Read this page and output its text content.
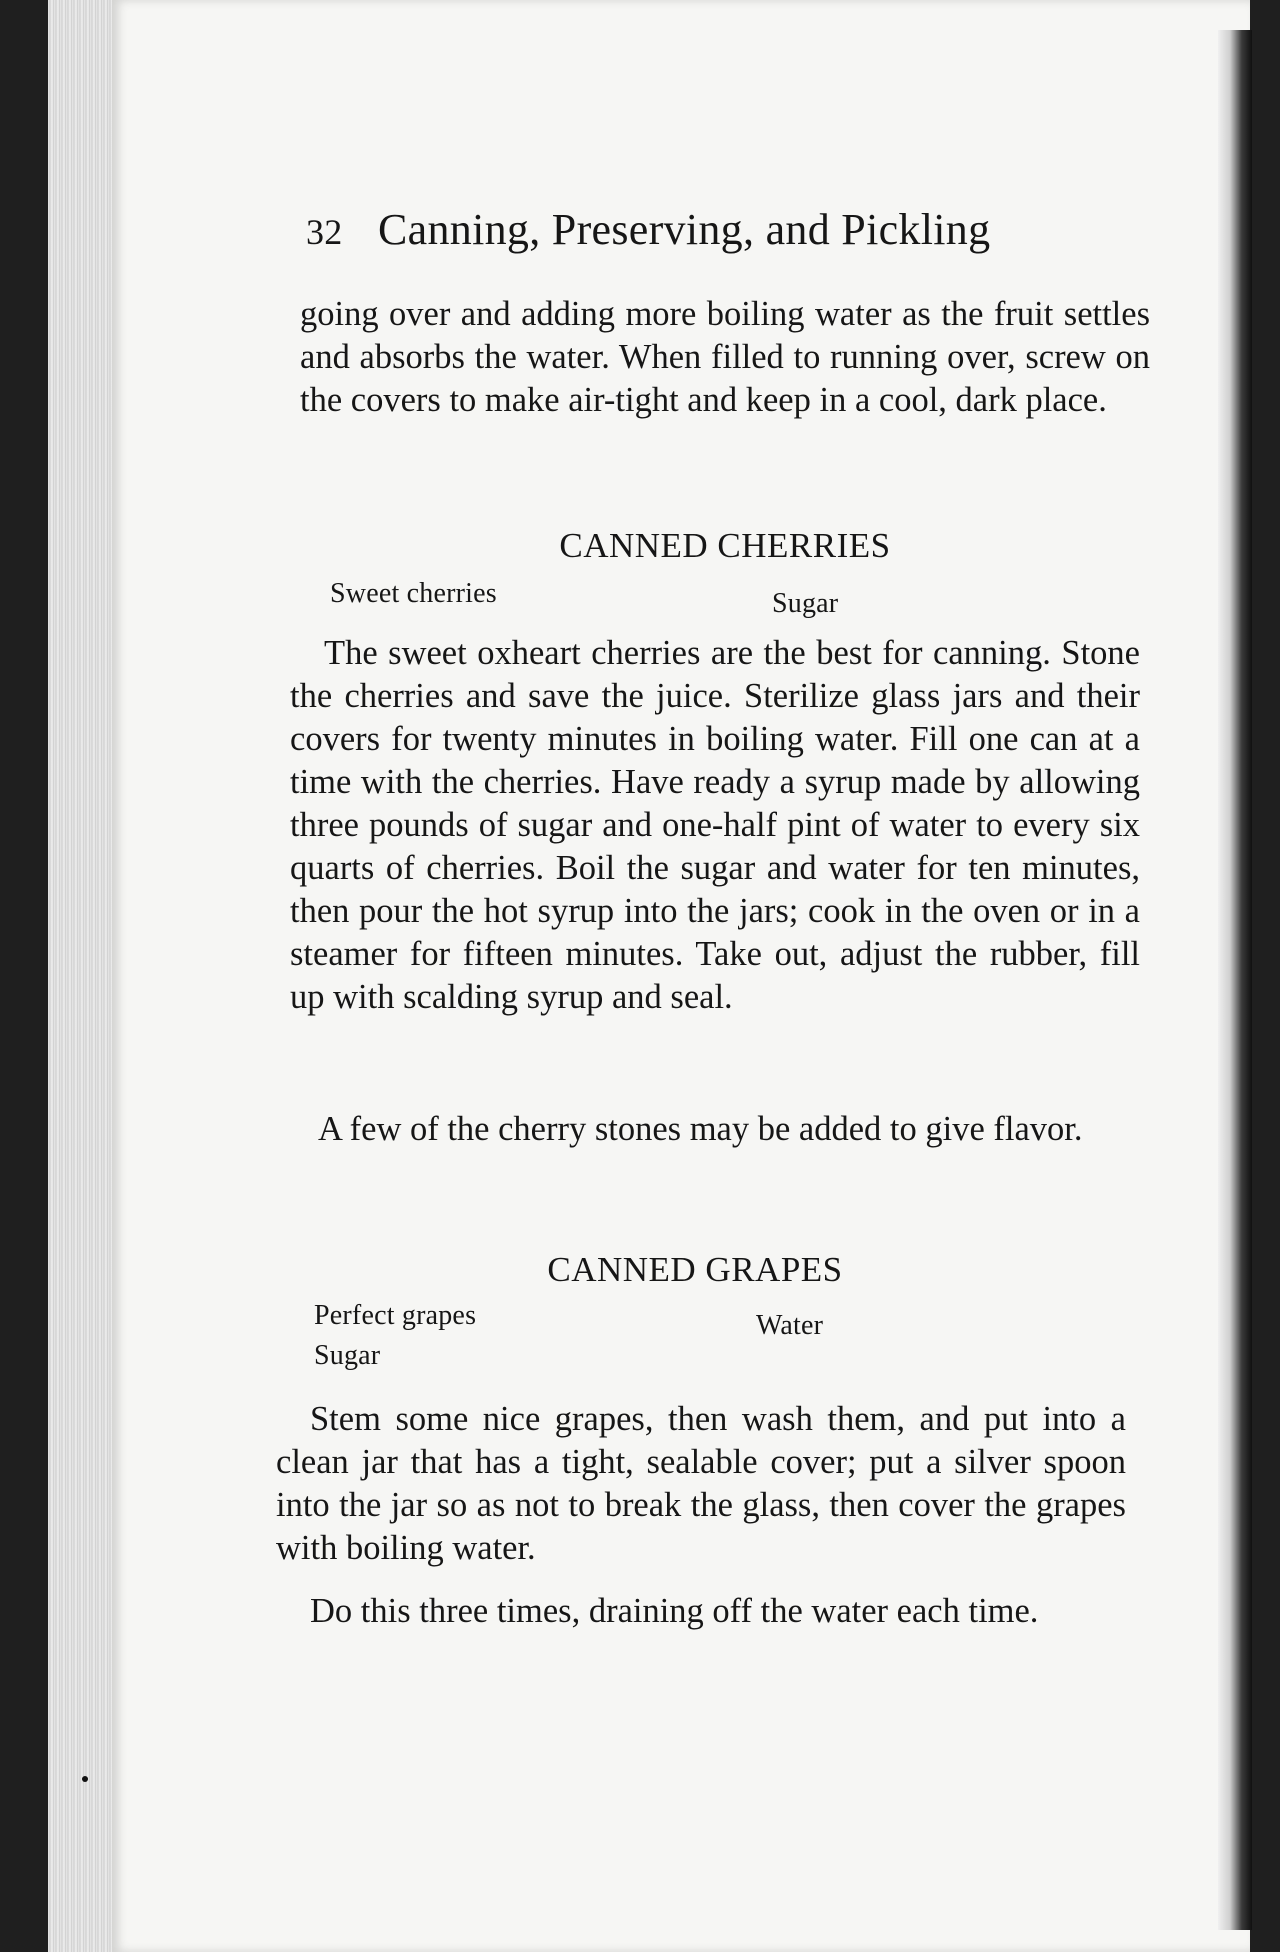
32 Canning, Preserving, and Pickling
going over and adding more boiling water as the fruit settles and absorbs the water. When filled to running over, screw on the covers to make air-tight and keep in a cool, dark place.
CANNED CHERRIES
Sweet cherries	Sugar
The sweet oxheart cherries are the best for canning. Stone the cherries and save the juice. Sterilize glass jars and their covers for twenty minutes in boiling water. Fill one can at a time with the cherries. Have ready a syrup made by allowing three pounds of sugar and one-half pint of water to every six quarts of cherries. Boil the sugar and water for ten minutes, then pour the hot syrup into the jars; cook in the oven or in a steamer for fifteen minutes. Take out, adjust the rubber, fill up with scalding syrup and seal.
A few of the cherry stones may be added to give flavor.
CANNED GRAPES
Perfect grapes	Water
Sugar
Stem some nice grapes, then wash them, and put into a clean jar that has a tight, sealable cover; put a silver spoon into the jar so as not to break the glass, then cover the grapes with boiling water.
Do this three times, draining off the water each time.
